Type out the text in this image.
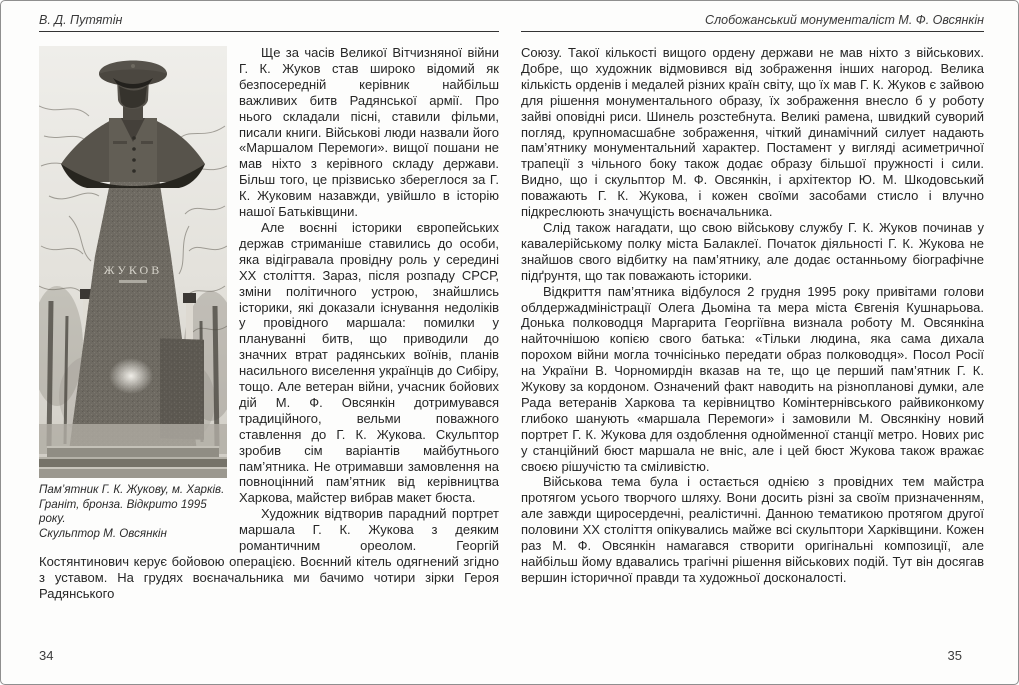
В. Д. Путятін
ЖУКОВ
Пам’ятник Г. К. Жукову, м. Харків.
Граніт, бронза. Відкрито 1995 року.
Скульптор М. Овсянкін

Ще за часів Великої Вітчизняної війни Г. К. Жуков став широко відомий як безпосередній керівник найбільш важливих битв Радянської армії. Про нього складали пісні, ставили фільми, писали книги. Військові люди назвали його «Маршалом Перемоги». вищої пошани не мав ніхто з керівного складу держави. Більш того, це прізвисько збереглося за Г. К. Жуковим назавжди, увійшло в історію нашої Батьківщини.

Але воєнні історики європейських держав стриманіше ставились до особи, яка відігравала провідну роль у середині XX століття. Зараз, після розпаду СРСР, зміни політичного устрою, знайшлись історики, які доказали існування недоліків у провідного маршала: помилки у плануванні битв, що приводили до значних втрат радянських воїнів, планів насильного виселення українців до Сибіру, тощо. Але ветеран війни, учасник бойових дій М. Ф. Овсянкін дотримувався традиційного, вельми поважного ставлення до Г. К. Жукова. Скульптор зробив сім варіантів майбутнього пам’ятника. Не отримавши замовлення на повноцінний пам’ятник від керівництва Харкова, майстер вибрав макет бюста.

Художник відтворив парадний портрет маршала Г. К. Жукова з деяким романтичним ореолом. Георгій Костянтинович керує бойовою операцією. Воєнний кітель одягнений згідно з уставом. На грудях воєначальника ми бачимо чотири зірки Героя Радянського

34
Слобожанський монументаліст М. Ф. Овсянкін

Союзу. Такої кількості вищого ордену держави не мав ніхто з військових. Добре, що художник відмовився від зображення інших нагород. Велика кількість орденів і медалей різних країн світу, що їх мав Г. К. Жуков є зайвою для рішення монументального образу, їх зображення внесло б у роботу зайві оповідні риси. Шинель розстебнута. Великі рамена, швидкий суворий погляд, крупномасшабне зображення, чіткий динамічний силует надають пам’ятнику монументальний характер. Постамент у вигляді асиметричної трапеції з чільного боку також додає образу більшої пружності і сили. Видно, що і скульптор М. Ф. Овсянкін, і архітектор Ю. М. Шкодовський поважають Г. К. Жукова, і кожен своїми засобами стисло і влучно підкреслюють значущість воєначальника.

Слід також нагадати, що свою військову службу Г. К. Жуков починав у кавалерійському полку міста Балаклеї. Початок діяльності Г. К. Жукова не знайшов свого відбитку на пам’ятнику, але додає останньому біографічне підґрунтя, що так поважають історики.

Відкриття пам’ятника відбулося 2 грудня 1995 року привітами голови облдержадміністрації Олега Дьоміна та мера міста Євгенія Кушнарьова. Донька полководця Маргарита Георгіївна визнала роботу М. Овсянкіна найточнішою копією свого батька: «Тільки людина, яка сама дихала порохом війни могла точнісінько передати образ полководця». Посол Росії на України В. Чорномирдін вказав на те, що це перший пам’ятник Г. К. Жукову за кордоном. Означений факт наводить на різнопланові думки, але Рада ветеранів Харкова та керівництво Комінтернівського райвиконкому глибоко шанують «маршала Перемоги» і замовили М. Овсянкіну новий портрет Г. К. Жукова для оздоблення однойменної станції метро. Нових рис у станційний бюст маршала не вніс, але і цей бюст Жукова також вражає своєю рішучістю та сміливістю.

Військова тема була і остається однією з провідних тем майстра протягом усього творчого шляху. Вони досить різні за своїм призначенням, але завжди щиросердечні, реалістичні. Данною тематикою протягом другої половини XX століття опікувались майже всі скульптори Харківщини. Кожен раз М. Ф. Овсянкін намагався створити оригінальні композиції, але найбільш йому вдавались трагічні рішення військових подій. Тут він досягав вершин історичної правди та художньої досконалості.

35
